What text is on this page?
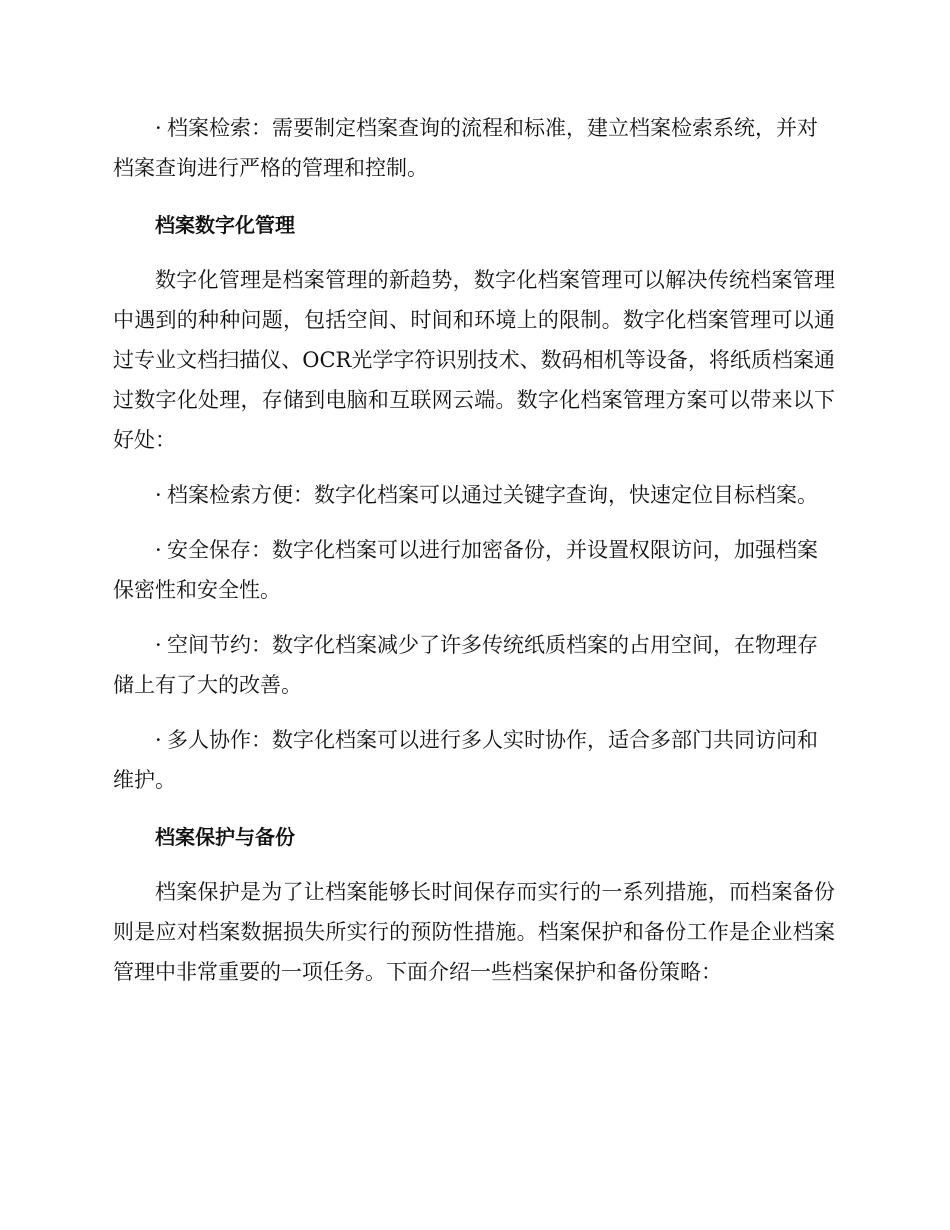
· 档案检索：需要制定档案查询的流程和标准，建立档案检索系统，并对档案查询进行严格的管理和控制。

档案数字化管理

数字化管理是档案管理的新趋势，数字化档案管理可以解决传统档案管理中遇到的种种问题，包括空间、时间和环境上的限制。数字化档案管理可以通过专业文档扫描仪、OCR光学字符识别技术、数码相机等设备，将纸质档案通过数字化处理，存储到电脑和互联网云端。数字化档案管理方案可以带来以下好处：

· 档案检索方便：数字化档案可以通过关键字查询，快速定位目标档案。

· 安全保存：数字化档案可以进行加密备份，并设置权限访问，加强档案保密性和安全性。

· 空间节约：数字化档案减少了许多传统纸质档案的占用空间，在物理存储上有了大的改善。

· 多人协作：数字化档案可以进行多人实时协作，适合多部门共同访问和维护。

档案保护与备份

档案保护是为了让档案能够长时间保存而实行的一系列措施，而档案备份则是应对档案数据损失所实行的预防性措施。档案保护和备份工作是企业档案管理中非常重要的一项任务。下面介绍一些档案保护和备份策略：
